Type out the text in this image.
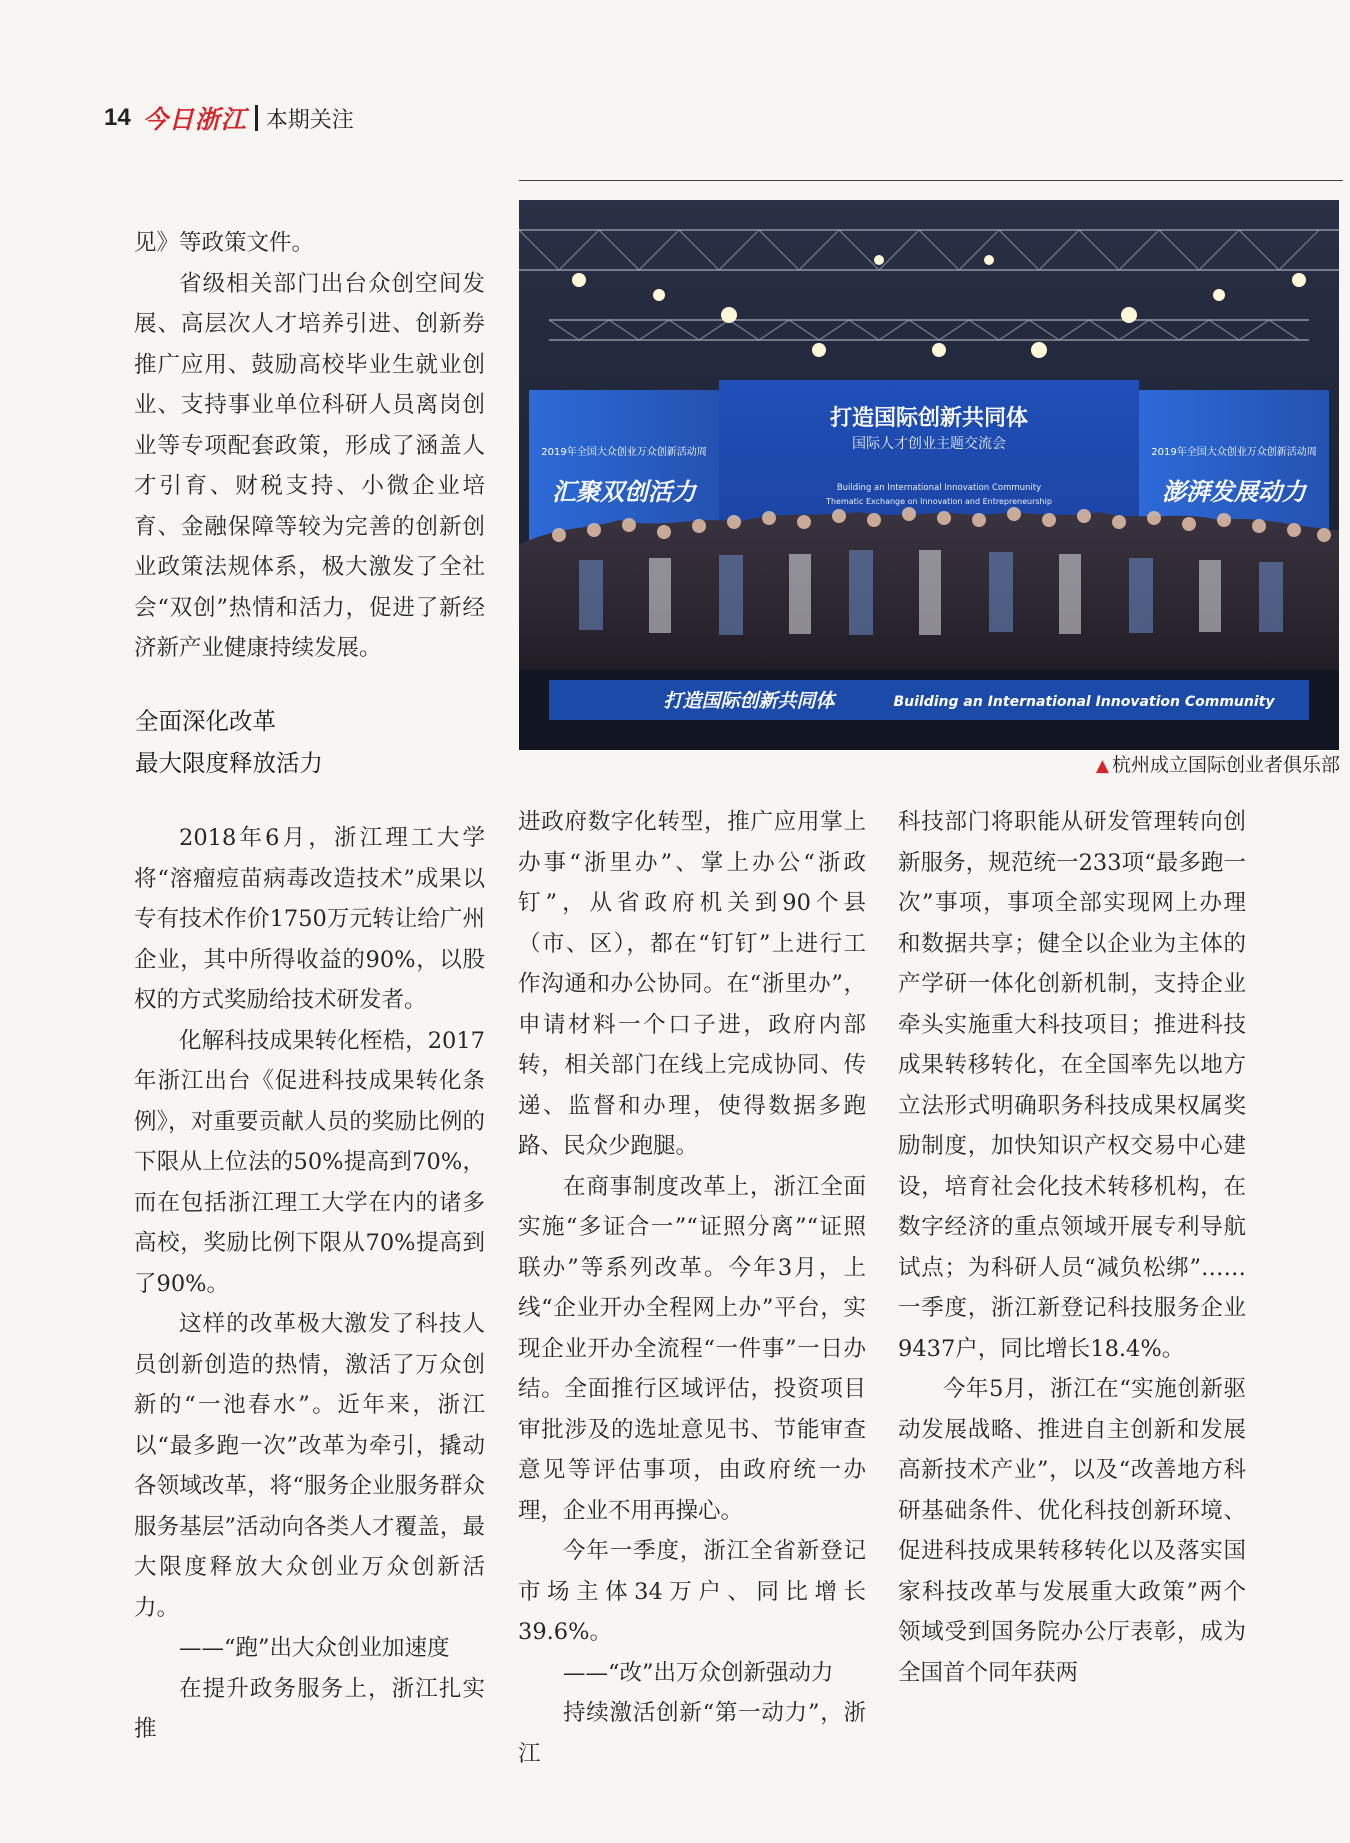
14 今日浙江 本期关注

见》等政策文件。

省级相关部门出台众创空间发展、高层次人才培养引进、创新券推广应用、鼓励高校毕业生就业创业、支持事业单位科研人员离岗创业等专项配套政策，形成了涵盖人才引育、财税支持、小微企业培育、金融保障等较为完善的创新创业政策法规体系，极大激发了全社会“双创”热情和活力，促进了新经济新产业健康持续发展。

全面深化改革
最大限度释放活力

2018年6月，浙江理工大学将“溶瘤痘苗病毒改造技术”成果以专有技术作价1750万元转让给广州企业，其中所得收益的90%，以股权的方式奖励给技术研发者。

化解科技成果转化桎梏，2017年浙江出台《促进科技成果转化条例》，对重要贡献人员的奖励比例的下限从上位法的50%提高到70%，而在包括浙江理工大学在内的诸多高校，奖励比例下限从70%提高到了90%。

这样的改革极大激发了科技人员创新创造的热情，激活了万众创新的“一池春水”。近年来，浙江以“最多跑一次”改革为牵引，撬动各领域改革，将“服务企业服务群众服务基层”活动向各类人才覆盖，最大限度释放大众创业万众创新活力。

——“跑”出大众创业加速度

在提升政务服务上，浙江扎实推

进政府数字化转型，推广应用掌上办事“浙里办”、掌上办公“浙政钉”，从省政府机关到90个县（市、区），都在“钉钉”上进行工作沟通和办公协同。在“浙里办”，申请材料一个口子进，政府内部转，相关部门在线上完成协同、传递、监督和办理，使得数据多跑路、民众少跑腿。

在商事制度改革上，浙江全面实施“多证合一”“证照分离”“证照联办”等系列改革。今年3月，上线“企业开办全程网上办”平台，实现企业开办全流程“一件事”一日办结。全面推行区域评估，投资项目审批涉及的选址意见书、节能审查意见等评估事项，由政府统一办理，企业不用再操心。

今年一季度，浙江全省新登记市场主体34万户、同比增长39.6%。

——“改”出万众创新强动力

持续激活创新“第一动力”，浙江

科技部门将职能从研发管理转向创新服务，规范统一233项“最多跑一次”事项，事项全部实现网上办理和数据共享；健全以企业为主体的产学研一体化创新机制，支持企业牵头实施重大科技项目；推进科技成果转移转化，在全国率先以地方立法形式明确职务科技成果权属奖励制度，加快知识产权交易中心建设，培育社会化技术转移机构，在数字经济的重点领域开展专利导航试点；为科研人员“减负松绑”……一季度，浙江新登记科技服务企业9437户，同比增长18.4%。

今年5月，浙江在“实施创新驱动发展战略、推进自主创新和发展高新技术产业”，以及“改善地方科研基础条件、优化科技创新环境、促进科技成果转移转化以及落实国家科技改革与发展重大政策”两个领域受到国务院办公厅表彰，成为全国首个同年获两

打造国际创新共同体
国际人才创业主题交流会
Building an International Innovation Community
Thematic Exchange on Innovation and Entrepreneurship
2019年全国大众创业万众创新活动周
汇聚双创活力
2019年全国大众创业万众创新活动周
澎湃发展动力
打造国际创新共同体	Building an International Innovation Community
▲ 杭州成立国际创业者俱乐部
